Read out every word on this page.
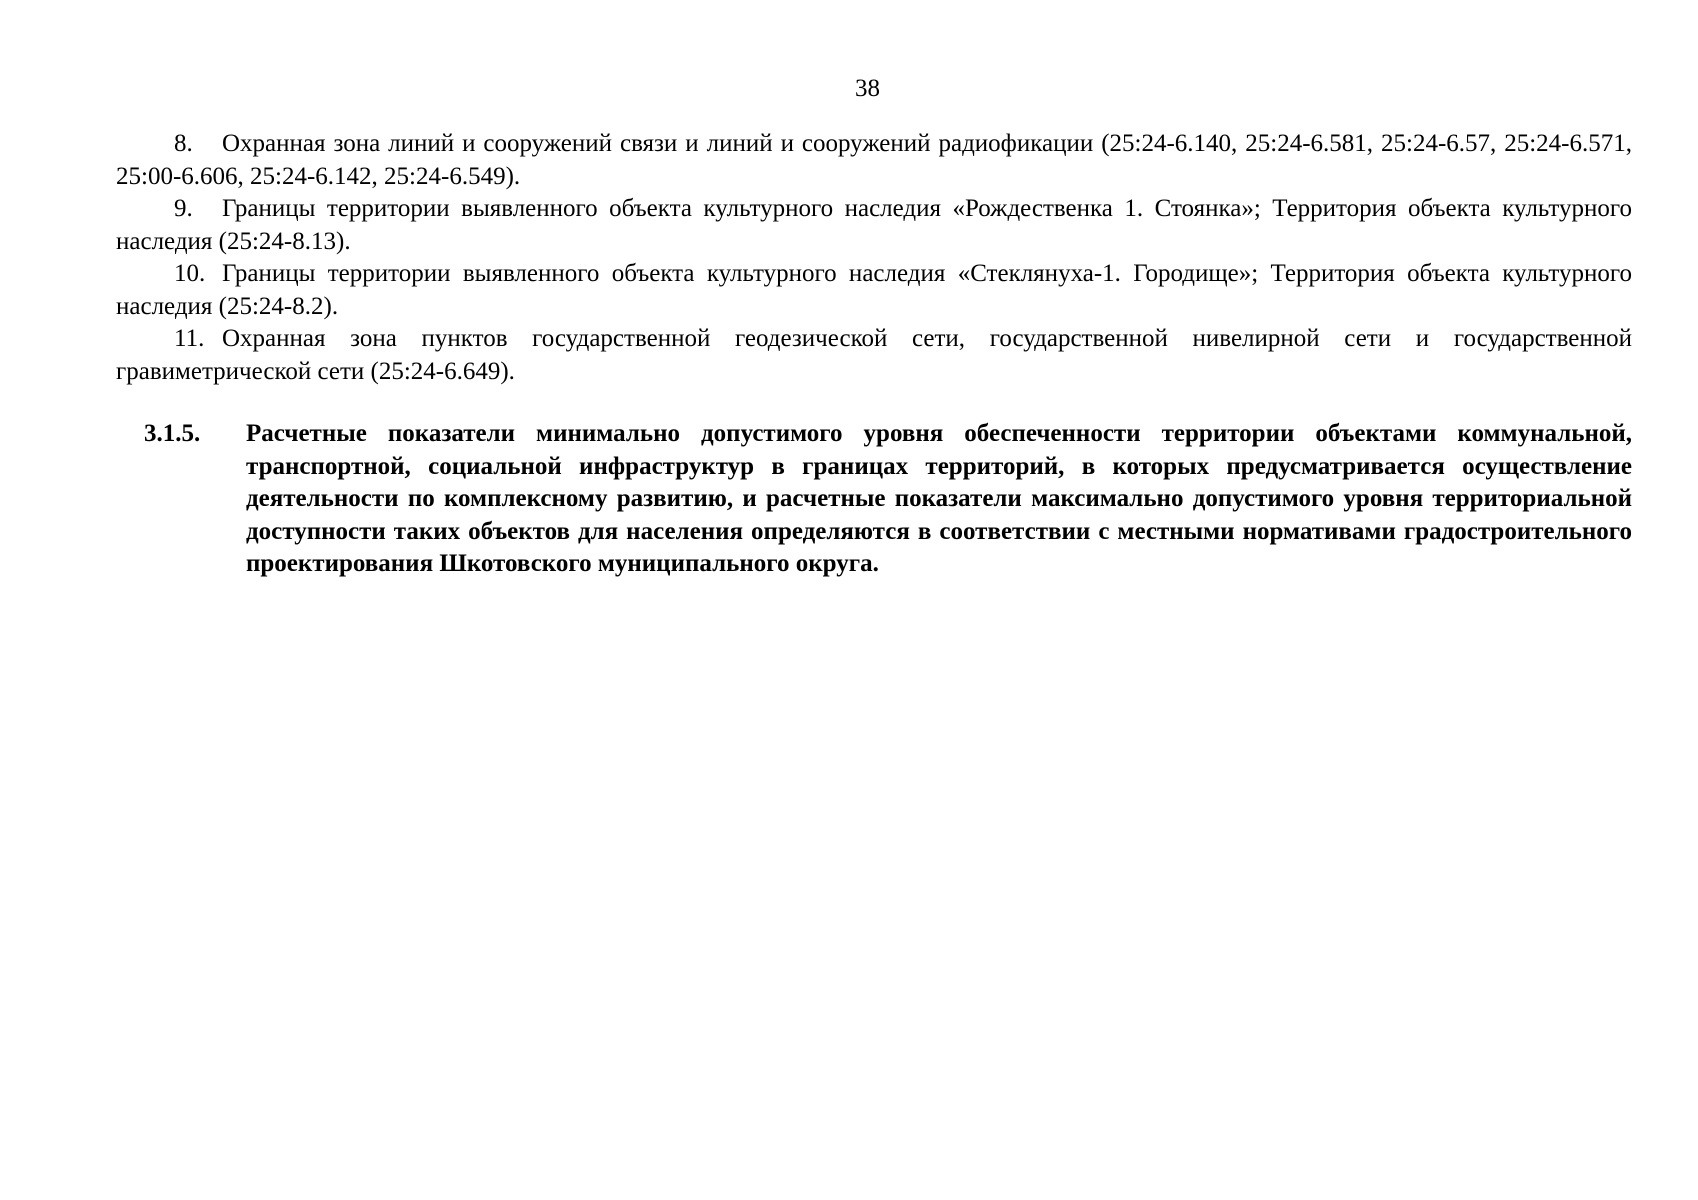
38

8. Охранная зона линий и сооружений связи и линий и сооружений радиофикации (25:24-6.140, 25:24-6.581, 25:24-6.57, 25:24-6.571, 25:00-6.606, 25:24-6.142, 25:24-6.549).

9. Границы территории выявленного объекта культурного наследия «Рождественка 1. Стоянка»; Территория объекта культурного наследия (25:24-8.13).

10. Границы территории выявленного объекта культурного наследия «Стеклянуха-1. Городище»; Территория объекта культурного наследия (25:24-8.2).

11. Охранная зона пунктов государственной геодезической сети, государственной нивелирной сети и государственной гравиметрической сети (25:24-6.649).

3.1.5.	Расчетные показатели минимально допустимого уровня обеспеченности территории объектами коммунальной, транспортной, социальной инфраструктур в границах территорий, в которых предусматривается осуществление деятельности по комплексному развитию, и расчетные показатели максимально допустимого уровня территориальной доступности таких объектов для населения определяются в соответствии с местными нормативами градостроительного проектирования Шкотовского муниципального округа.
